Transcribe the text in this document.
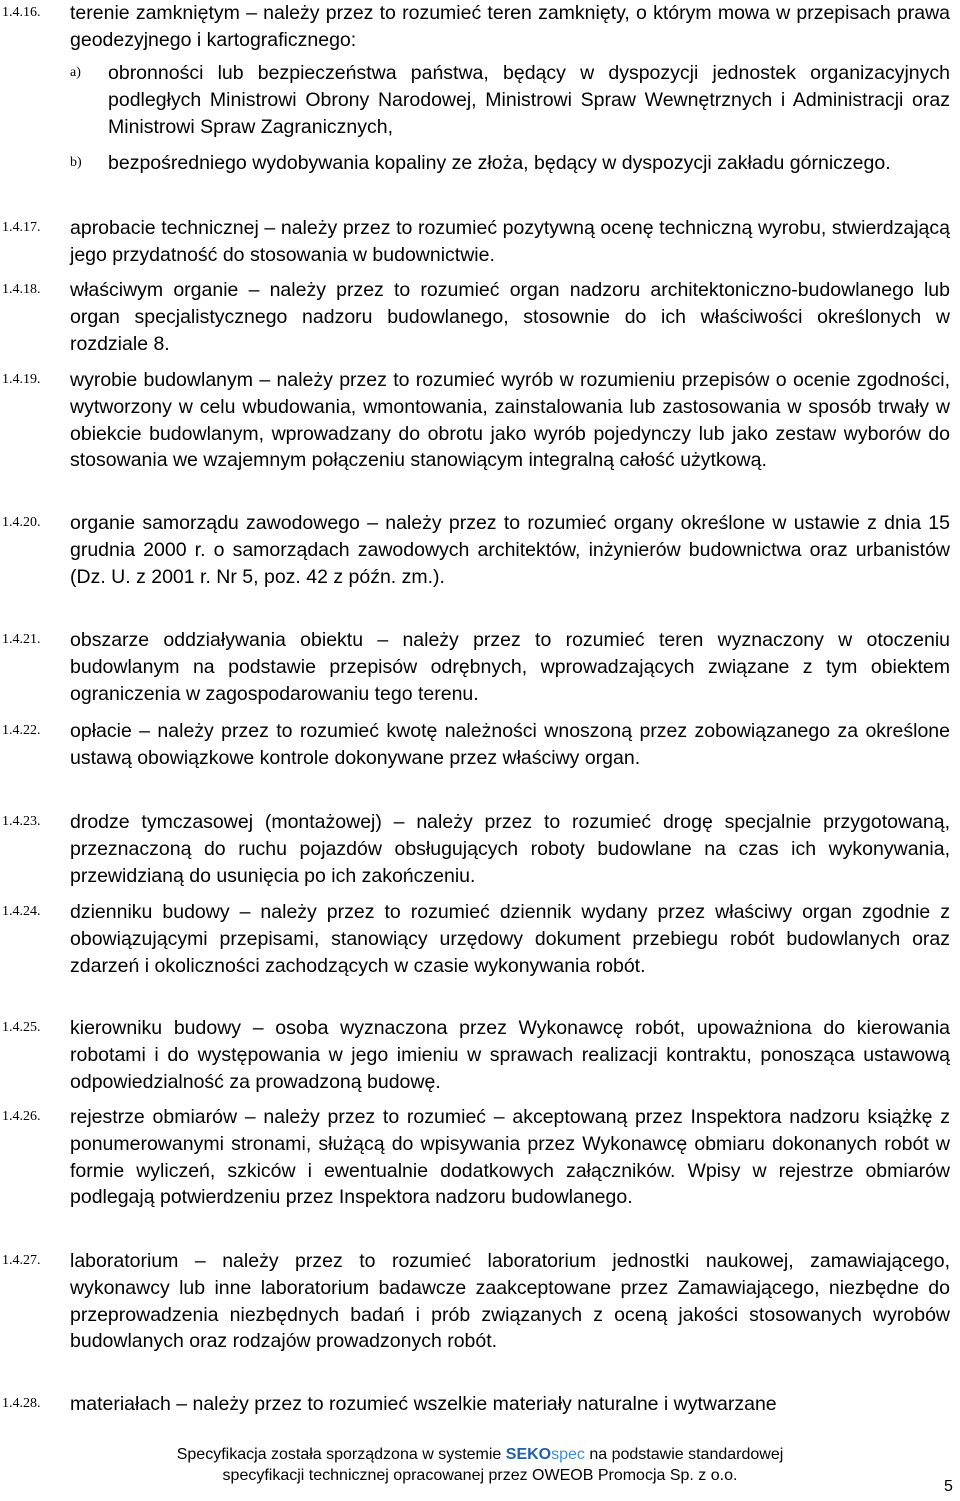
1.4.16. terenie zamkniętym – należy przez to rozumieć teren zamknięty, o którym mowa w przepisach prawa geodezyjnego i kartograficznego:
a) obronności lub bezpieczeństwa państwa, będący w dyspozycji jednostek organizacyjnych podległych Ministrowi Obrony Narodowej, Ministrowi Spraw Wewnętrznych i Administracji oraz Ministrowi Spraw Zagranicznych,
b) bezpośredniego wydobywania kopaliny ze złoża, będący w dyspozycji zakładu górniczego.
1.4.17. aprobacie technicznej – należy przez to rozumieć pozytywną ocenę techniczną wyrobu, stwierdzającą jego przydatność do stosowania w budownictwie.
1.4.18. właściwym organie – należy przez to rozumieć organ nadzoru architektoniczno-budowlanego lub organ specjalistycznego nadzoru budowlanego, stosownie do ich właściwości określonych w rozdziale 8.
1.4.19. wyrobie budowlanym – należy przez to rozumieć wyrób w rozumieniu przepisów o ocenie zgodności, wytworzony w celu wbudowania, wmontowania, zainstalowania lub zastosowania w sposób trwały w obiekcie budowlanym, wprowadzany do obrotu jako wyrób pojedynczy lub jako zestaw wyborów do stosowania we wzajemnym połączeniu stanowiącym integralną całość użytkową.
1.4.20. organie samorządu zawodowego – należy przez to rozumieć organy określone w ustawie z dnia 15 grudnia 2000 r. o samorządach zawodowych architektów, inżynierów budownictwa oraz urbanistów (Dz. U. z 2001 r. Nr 5, poz. 42 z późn. zm.).
1.4.21. obszarze oddziaływania obiektu – należy przez to rozumieć teren wyznaczony w otoczeniu budowlanym na podstawie przepisów odrębnych, wprowadzających związane z tym obiektem ograniczenia w zagospodarowaniu tego terenu.
1.4.22. opłacie – należy przez to rozumieć kwotę należności wnoszoną przez zobowiązanego za określone ustawą obowiązkowe kontrole dokonywane przez właściwy organ.
1.4.23. drodze tymczasowej (montażowej) – należy przez to rozumieć drogę specjalnie przygotowaną, przeznaczoną do ruchu pojazdów obsługujących roboty budowlane na czas ich wykonywania, przewidzianą do usunięcia po ich zakończeniu.
1.4.24. dzienniku budowy – należy przez to rozumieć dziennik wydany przez właściwy organ zgodnie z obowiązującymi przepisami, stanowiący urzędowy dokument przebiegu robót budowlanych oraz zdarzeń i okoliczności zachodzących w czasie wykonywania robót.
1.4.25. kierowniku budowy – osoba wyznaczona przez Wykonawcę robót, upoważniona do kierowania robotami i do występowania w jego imieniu w sprawach realizacji kontraktu, ponosząca ustawową odpowiedzialność za prowadzoną budowę.
1.4.26. rejestrze obmiarów – należy przez to rozumieć – akceptowaną przez Inspektora nadzoru książkę z ponumerowanymi stronami, służącą do wpisywania przez Wykonawcę obmiaru dokonanych robót w formie wyliczeń, szkiców i ewentualnie dodatkowych załączników. Wpisy w rejestrze obmiarów podlegają potwierdzeniu przez Inspektora nadzoru budowlanego.
1.4.27. laboratorium – należy przez to rozumieć laboratorium jednostki naukowej, zamawiającego, wykonawcy lub inne laboratorium badawcze zaakceptowane przez Zamawiającego, niezbędne do przeprowadzenia niezbędnych badań i prób związanych z oceną jakości stosowanych wyrobów budowlanych oraz rodzajów prowadzonych robót.
1.4.28. materiałach – należy przez to rozumieć wszelkie materiały naturalne i wytwarzane
Specyfikacja została sporządzona w systemie SEKOspec na podstawie standardowej
specyfikacji technicznej opracowanej przez OWEOB Promocja Sp. z o.o.
5
